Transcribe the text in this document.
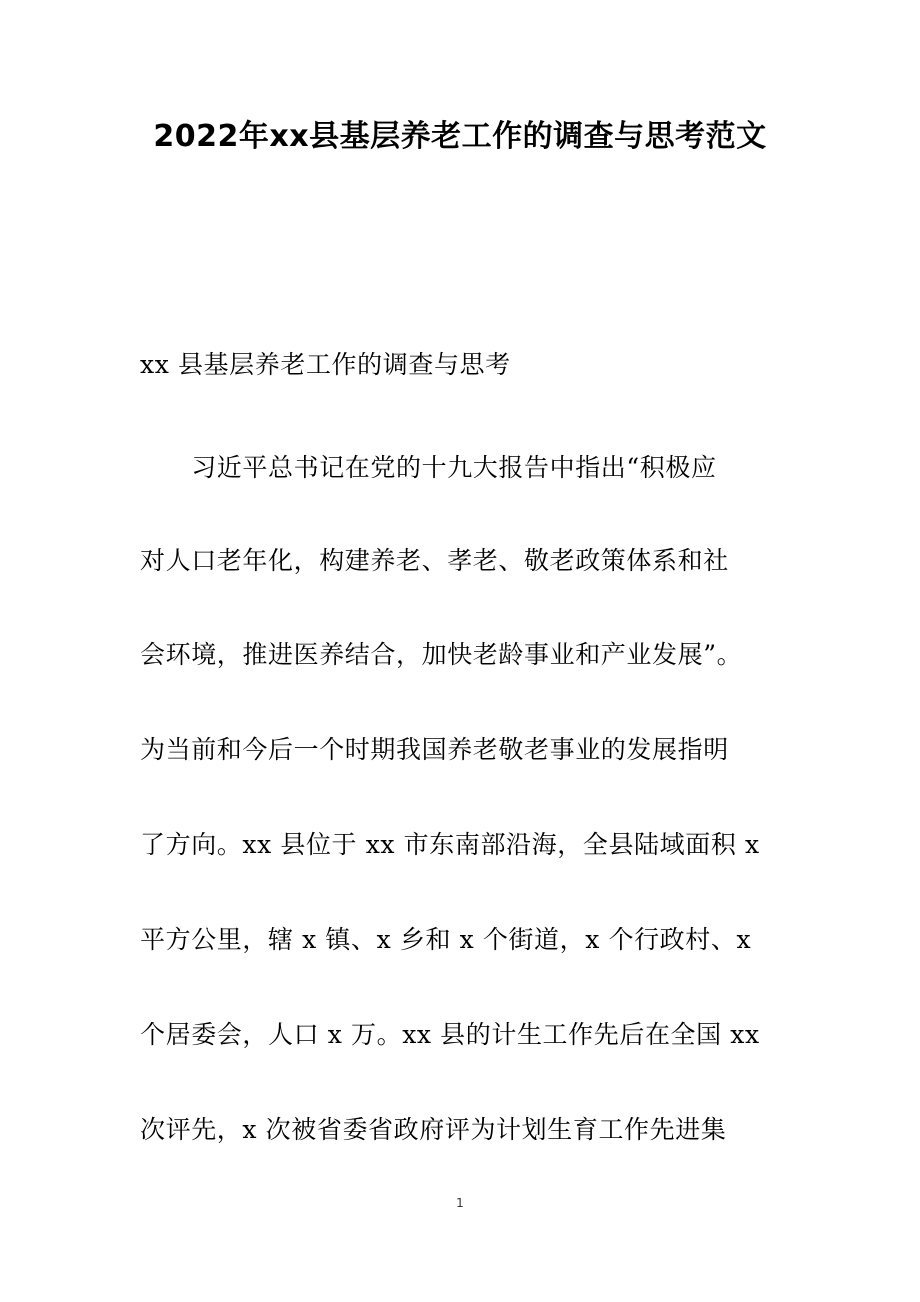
2022年xx县基层养老工作的调查与思考范文
xx 县基层养老工作的调查与思考
　　习近平总书记在党的十九大报告中指出“积极应
对人口老年化，构建养老、孝老、敬老政策体系和社
会环境，推进医养结合，加快老龄事业和产业发展”。
为当前和今后一个时期我国养老敬老事业的发展指明
了方向。xx 县位于 xx 市东南部沿海，全县陆域面积 x
平方公里，辖 x 镇、x 乡和 x 个街道，x 个行政村、x
个居委会，人口 x 万。xx 县的计生工作先后在全国 xx
次评先，x 次被省委省政府评为计划生育工作先进集
1
